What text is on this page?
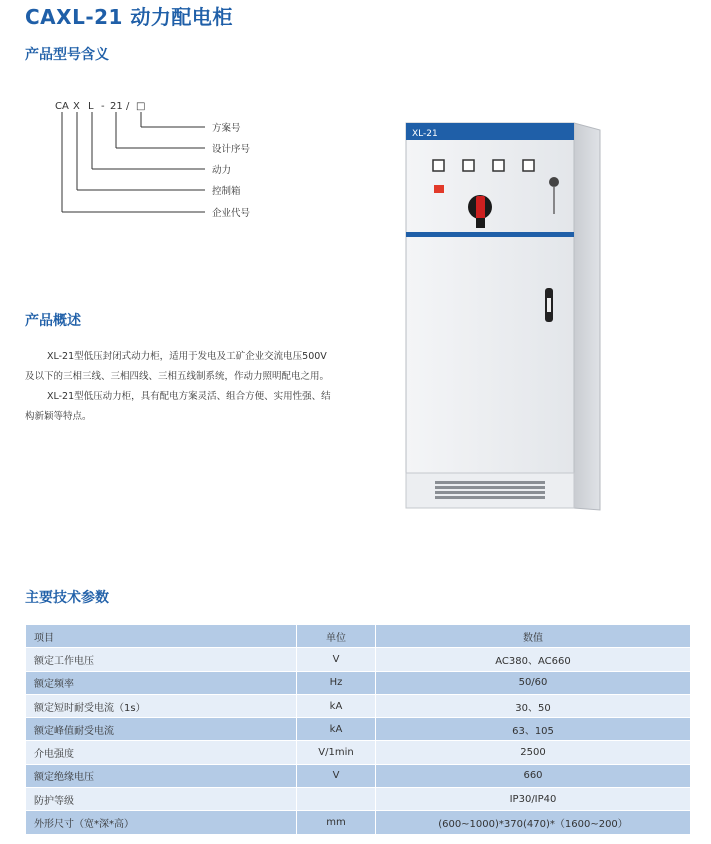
CAXL-21 动力配电柜
产品型号含义
CA X L - 21 / □
方案号
设计序号
动力
控制箱
企业代号
产品概述

XL-21型低压封闭式动力柜，适用于发电及工矿企业交流电压500V及以下的三相三线、三相四线、三相五线制系统，作动力照明配电之用。

XL-21型低压动力柜，具有配电方案灵活、组合方便、实用性强、结构新颖等特点。

XL-21
主要技术参数
项目	单位	数值
额定工作电压	V	AC380、AC660
额定频率	Hz	50/60
额定短时耐受电流（1s）	kA	30、50
额定峰值耐受电流	kA	63、105
介电强度	V/1min	2500
额定绝缘电压	V	660
防护等级		IP30/IP40
外形尺寸（宽*深*高）	mm	(600~1000)*370(470)*（1600~200）
